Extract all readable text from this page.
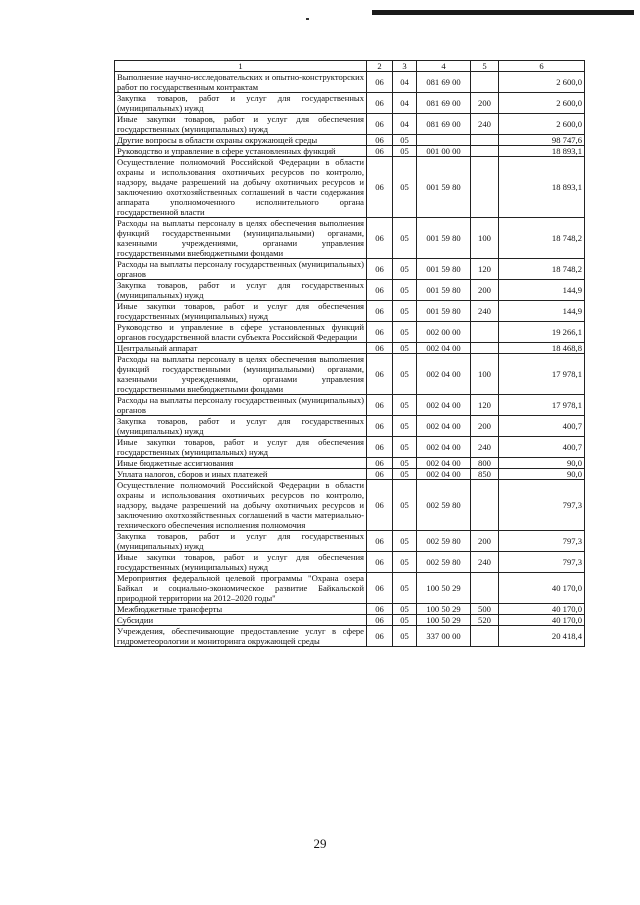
1	2	3	4	5	6
Выполнение научно-исследовательских и опытно-конструкторских работ по государственным контрактам	06	04	081 69 00		2 600,0
Закупка товаров, работ и услуг для государственных (муниципальных) нужд	06	04	081 69 00	200	2 600,0
Иные закупки товаров, работ и услуг для обеспечения государственных (муниципальных) нужд	06	04	081 69 00	240	2 600,0
Другие вопросы в области охраны окружающей среды	06	05			98 747,6
Руководство и управление в сфере установленных функций	06	05	001 00 00		18 893,1
Осуществление полномочий Российской Федерации в области охраны и использования охотничьих ресурсов по контролю, надзору, выдаче разрешений на добычу охотничьих ресурсов и заключению охотхозяйственных соглашений в части содержания аппарата уполномоченного исполнительного органа государственной власти	06	05	001 59 80		18 893,1
Расходы на выплаты персоналу в целях обеспечения выполнения функций государственными (муниципальными) органами, казенными учреждениями, органами управления государственными внебюджетными фондами	06	05	001 59 80	100	18 748,2
Расходы на выплаты персоналу государственных (муниципальных) органов	06	05	001 59 80	120	18 748,2
Закупка товаров, работ и услуг для государственных (муниципальных) нужд	06	05	001 59 80	200	144,9
Иные закупки товаров, работ и услуг для обеспечения государственных (муниципальных) нужд	06	05	001 59 80	240	144,9
Руководство и управление в сфере установленных функций органов государственной власти субъекта Российской Федерации	06	05	002 00 00		19 266,1
Центральный аппарат	06	05	002 04 00		18 468,8
Расходы на выплаты персоналу в целях обеспечения выполнения функций государственными (муниципальными) органами, казенными учреждениями, органами управления государственными внебюджетными фондами	06	05	002 04 00	100	17 978,1
Расходы на выплаты персоналу государственных (муниципальных) органов	06	05	002 04 00	120	17 978,1
Закупка товаров, работ и услуг для государственных (муниципальных) нужд	06	05	002 04 00	200	400,7
Иные закупки товаров, работ и услуг для обеспечения государственных (муниципальных) нужд	06	05	002 04 00	240	400,7
Иные бюджетные ассигнования	06	05	002 04 00	800	90,0
Уплата налогов, сборов и иных платежей	06	05	002 04 00	850	90,0
Осуществление полномочий Российской Федерации в области охраны и использования охотничьих ресурсов по контролю, надзору, выдаче разрешений на добычу охотничьих ресурсов и заключению охотхозяйственных соглашений в части материально-технического обеспечения исполнения полномочия	06	05	002 59 80		797,3
Закупка товаров, работ и услуг для государственных (муниципальных) нужд	06	05	002 59 80	200	797,3
Иные закупки товаров, работ и услуг для обеспечения государственных (муниципальных) нужд	06	05	002 59 80	240	797,3
Мероприятия федеральной целевой программы "Охрана озера Байкал и социально-экономическое развитие Байкальской природной территории на 2012–2020 годы"	06	05	100 50 29		40 170,0
Межбюджетные трансферты	06	05	100 50 29	500	40 170,0
Субсидии	06	05	100 50 29	520	40 170,0
Учреждения, обеспечивающие предоставление услуг в сфере гидрометеорологии и мониторинга окружающей среды	06	05	337 00 00		20 418,4
29
